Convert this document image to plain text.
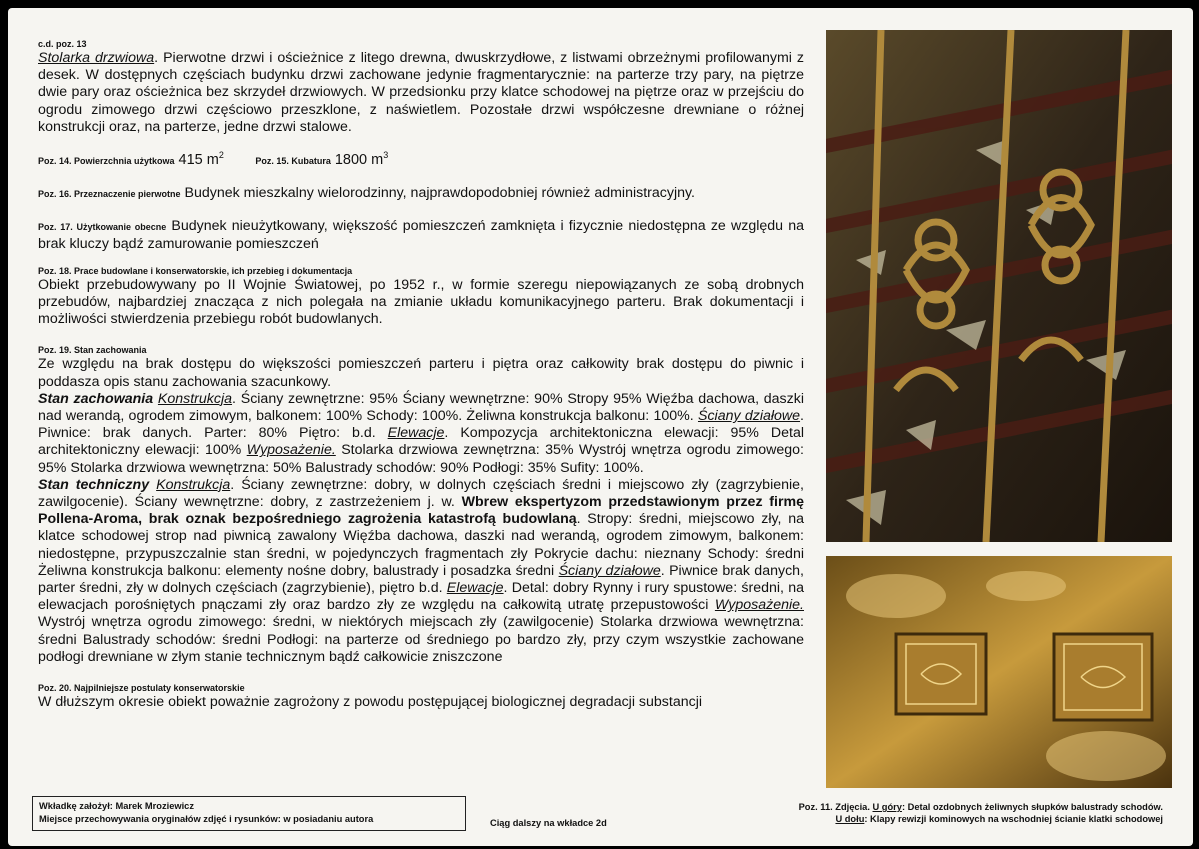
c.d. poz. 13

Stolarka drzwiowa. Pierwotne drzwi i ościeżnice z litego drewna, dwuskrzydłowe, z listwami obrzeżnymi profilowanymi z desek. W dostępnych częściach budynku drzwi zachowane jedynie fragmentarycznie: na parterze trzy pary, na piętrze dwie pary oraz ościeżnica bez skrzydeł drzwiowych. W przedsionku przy klatce schodowej na piętrze oraz w przejściu do ogrodu zimowego drzwi częściowo przeszklone, z naświetlem. Pozostałe drzwi współczesne drewniane o różnej konstrukcji oraz, na parterze, jedne drzwi stalowe.

Poz. 14. Powierzchnia użytkowa 415 $m^2$        Poz. 15. Kubatura 1800 $m^3$

Poz. 16. Przeznaczenie pierwotne Budynek mieszkalny wielorodzinny, najprawdopodobniej również administracyjny.

Poz. 17. Użytkowanie obecne Budynek nieużytkowany, większość pomieszczeń zamknięta i fizycznie niedostępna ze względu na brak kluczy bądź zamurowanie pomieszczeń

Poz. 18. Prace budowlane i konserwatorskie, ich przebieg i dokumentacja

Obiekt przebudowywany po II Wojnie Światowej, po 1952 r., w formie szeregu niepowiązanych ze sobą drobnych przebudów, najbardziej znacząca z nich polegała na zmianie układu komunikacyjnego parteru. Brak dokumentacji i możliwości stwierdzenia przebiegu robót budowlanych.

Poz. 19. Stan zachowania

Ze względu na brak dostępu do większości pomieszczeń parteru i piętra oraz całkowity brak dostępu do piwnic i poddasza opis stanu zachowania szacunkowy.

Stan zachowania Konstrukcja. Ściany zewnętrzne: 95% Ściany wewnętrzne: 90% Stropy 95% Więźba dachowa, daszki nad werandą, ogrodem zimowym, balkonem: 100% Schody: 100%. Żeliwna konstrukcja balkonu: 100%. Ściany działowe. Piwnice: brak danych. Parter: 80% Piętro: b.d. Elewacje. Kompozycja architektoniczna elewacji: 95% Detal architektoniczny elewacji: 100% Wyposażenie. Stolarka drzwiowa zewnętrzna: 35% Wystrój wnętrza ogrodu zimowego: 95% Stolarka drzwiowa wewnętrzna: 50% Balustrady schodów: 90% Podłogi: 35% Sufity: 100%.

Stan techniczny Konstrukcja. Ściany zewnętrzne: dobry, w dolnych częściach średni i miejscowo zły (zagrzybienie, zawilgocenie). Ściany wewnętrzne: dobry, z zastrzeżeniem j. w. Wbrew ekspertyzom przedstawionym przez firmę Pollena-Aroma, brak oznak bezpośredniego zagrożenia katastrofą budowlaną. Stropy: średni, miejscowo zły, na klatce schodowej strop nad piwnicą zawalony Więźba dachowa, daszki nad werandą, ogrodem zimowym, balkonem: niedostępne, przypuszczalnie stan średni, w pojedynczych fragmentach zły Pokrycie dachu: nieznany Schody: średni Żeliwna konstrukcja balkonu: elementy nośne dobry, balustrady i posadzka średni Ściany działowe. Piwnice brak danych, parter średni, zły w dolnych częściach (zagrzybienie), piętro b.d. Elewacje. Detal: dobry Rynny i rury spustowe: średni, na elewacjach porośniętych pnączami zły oraz bardzo zły ze względu na całkowitą utratę przepustowości Wyposażenie. Wystrój wnętrza ogrodu zimowego: średni, w niektórych miejscach zły (zawilgocenie) Stolarka drzwiowa wewnętrzna: średni Balustrady schodów: średni Podłogi: na parterze od średniego po bardzo zły, przy czym wszystkie zachowane podłogi drewniane w złym stanie technicznym bądź całkowicie zniszczone

Poz. 20. Najpilniejsze postulaty konserwatorskie

W dłuższym okresie obiekt poważnie zagrożony z powodu postępującej biologicznej degradacji substancji

Wkładkę założył: Marek Mroziewicz
Miejsce przechowywania oryginałów zdjęć i rysunków: w posiadaniu autora	Ciąg dalszy na wkładce 2d
Poz. 11. Zdjęcia. U góry: Detal ozdobnych żeliwnych słupków balustrady schodów.
U dołu: Klapy rewizji kominowych na wschodniej ścianie klatki schodowej
